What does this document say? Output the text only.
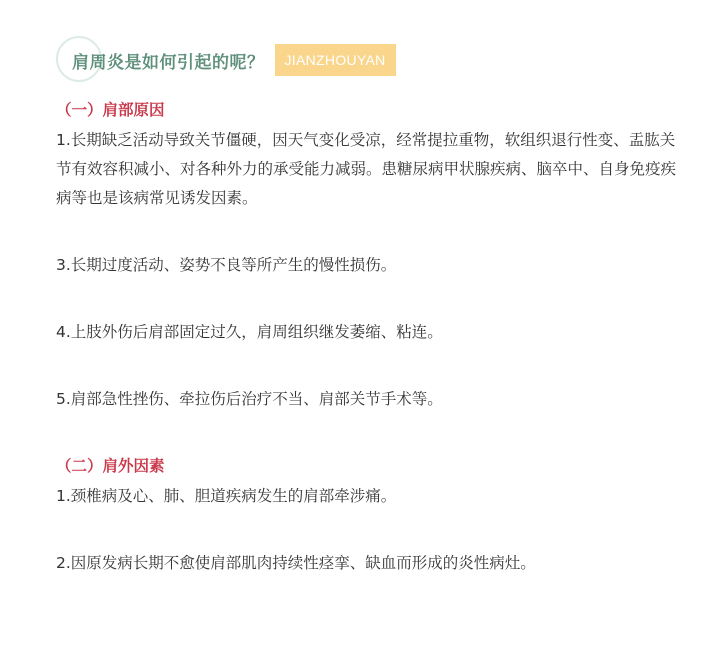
肩周炎是如何引起的呢？	JIANZHOUYAN

（一）肩部原因

1.长期缺乏活动导致关节僵硬，因天气变化受凉，经常提拉重物，软组织退行性变、盂肱关节有效容积减小、对各种外力的承受能力减弱。患糖尿病甲状腺疾病、脑卒中、自身免疫疾病等也是该病常见诱发因素。

3.长期过度活动、姿势不良等所产生的慢性损伤。

4.上肢外伤后肩部固定过久，肩周组织继发萎缩、粘连。

5.肩部急性挫伤、牵拉伤后治疗不当、肩部关节手术等。

（二）肩外因素

1.颈椎病及心、肺、胆道疾病发生的肩部牵涉痛。

2.因原发病长期不愈使肩部肌肉持续性痉挛、缺血而形成的炎性病灶。
